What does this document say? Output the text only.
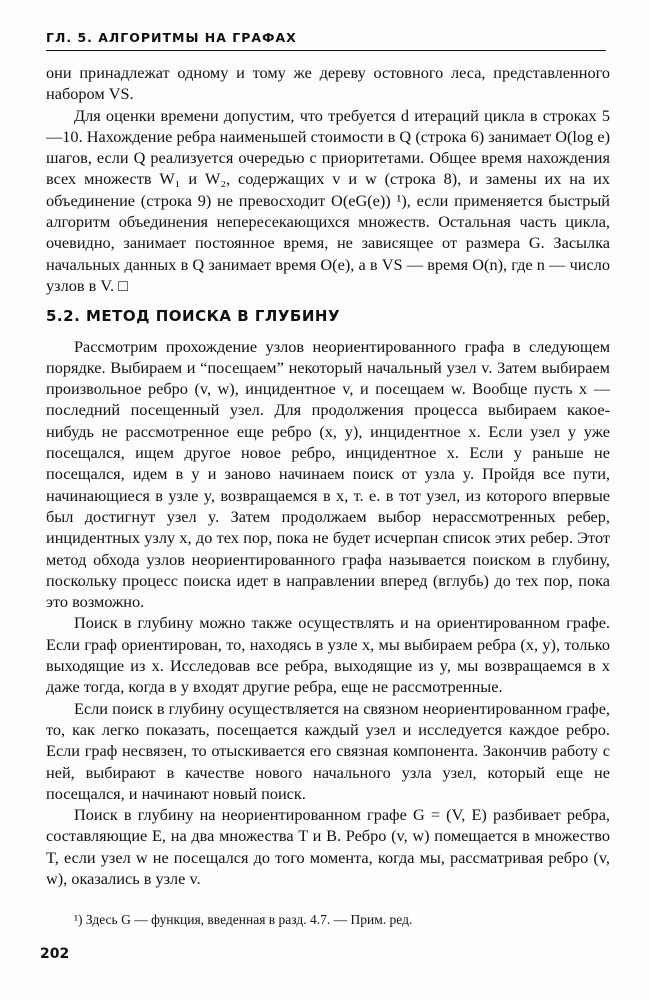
ГЛ. 5. АЛГОРИТМЫ НА ГРАФАХ

они принадлежат одному и тому же дереву остовного леса, представленного набором VS.

Для оценки времени допустим, что требуется d итераций цикла в строках 5—10. Нахождение ребра наименьшей стоимости в Q (строка 6) занимает O(log e) шагов, если Q реализуется очередью с приоритетами. Общее время нахождения всех множеств W₁ и W₂, содержащих v и w (строка 8), и замены их на их объединение (строка 9) не превосходит O(eG(e)) ¹), если применяется быстрый алгоритм объединения непересекающихся множеств. Остальная часть цикла, очевидно, занимает постоянное время, не зависящее от размера G. Засылка начальных данных в Q занимает время O(e), а в VS — время O(n), где n — число узлов в V. □

5.2. МЕТОД ПОИСКА В ГЛУБИНУ

Рассмотрим прохождение узлов неориентированного графа в следующем порядке. Выбираем и “посещаем” некоторый начальный узел v. Затем выбираем произвольное ребро (v, w), инцидентное v, и посещаем w. Вообще пусть x — последний посещенный узел. Для продолжения процесса выбираем какое-нибудь не рассмотренное еще ребро (x, y), инцидентное x. Если узел y уже посещался, ищем другое новое ребро, инцидентное x. Если y раньше не посещался, идем в y и заново начинаем поиск от узла y. Пройдя все пути, начинающиеся в узле y, возвращаемся в x, т. е. в тот узел, из которого впервые был достигнут узел y. Затем продолжаем выбор нерассмотренных ребер, инцидентных узлу x, до тех пор, пока не будет исчерпан список этих ребер. Этот метод обхода узлов неориентированного графа называется поиском в глубину, поскольку процесс поиска идет в направлении вперед (вглубь) до тех пор, пока это возможно.

Поиск в глубину можно также осуществлять и на ориентированном графе. Если граф ориентирован, то, находясь в узле x, мы выбираем ребра (x, y), только выходящие из x. Исследовав все ребра, выходящие из y, мы возвращаемся в x даже тогда, когда в y входят другие ребра, еще не рассмотренные.

Если поиск в глубину осуществляется на связном неориентированном графе, то, как легко показать, посещается каждый узел и исследуется каждое ребро. Если граф несвязен, то отыскивается его связная компонента. Закончив работу с ней, выбирают в качестве нового начального узла узел, который еще не посещался, и начинают новый поиск.

Поиск в глубину на неориентированном графе G = (V, E) разбивает ребра, составляющие E, на два множества T и B. Ребро (v, w) помещается в множество T, если узел w не посещался до того момента, когда мы, рассматривая ребро (v, w), оказались в узле v.

¹) Здесь G — функция, введенная в разд. 4.7. — Прим. ред.
202
